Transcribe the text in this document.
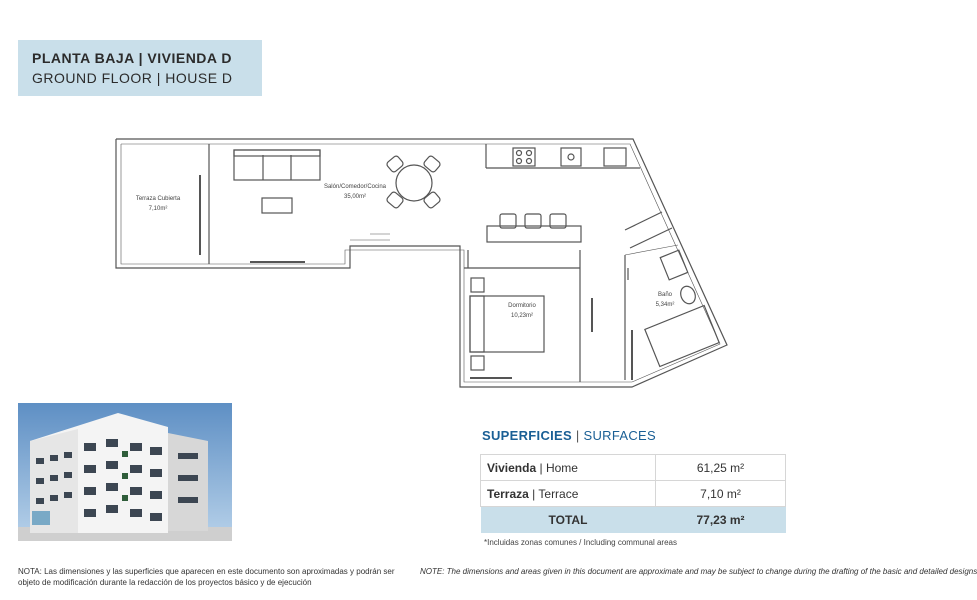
PLANTA BAJA | VIVIENDA D
GROUND FLOOR | HOUSE D
Terraza Cubierta
7,10m²
Salón/Comedor/Cocina
35,00m²
Dormitorio
10,23m²
Baño
5,34m²
SUPERFICIES | SURFACES
Vivienda | Home	61,25 m²
Terraza | Terrace	7,10 m²
TOTAL	77,23 m²
*Incluidas zonas comunes / Including communal areas
NOTA: Las dimensiones y las superficies que aparecen en este documento son aproximadas y podrán ser objeto de modificación durante la redacción de los proyectos básico y de ejecución
NOTE: The dimensions and areas given in this document are approximate and may be subject to change during the drafting of the basic and detailed designs
